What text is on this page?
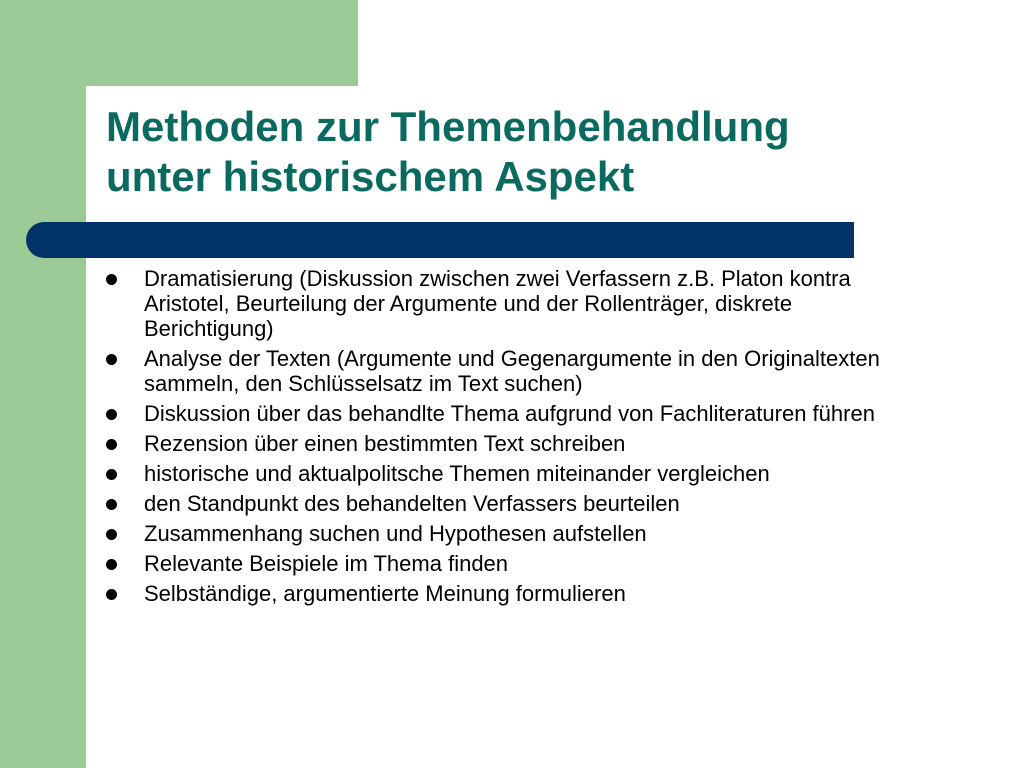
Methoden zur Themenbehandlung
unter historischem Aspekt
Dramatisierung (Diskussion zwischen zwei Verfassern z.B. Platon kontra Aristotel, Beurteilung der Argumente und der Rollenträger, diskrete Berichtigung)
Analyse der Texten (Argumente und Gegenargumente in den Originaltexten sammeln, den Schlüsselsatz im Text suchen)
Diskussion über das behandlte Thema aufgrund von Fachliteraturen führen
Rezension über einen bestimmten Text schreiben
historische und aktualpolitsche Themen miteinander vergleichen
den Standpunkt des behandelten Verfassers beurteilen
Zusammenhang suchen und Hypothesen aufstellen
Relevante Beispiele im Thema finden
Selbständige, argumentierte Meinung formulieren
